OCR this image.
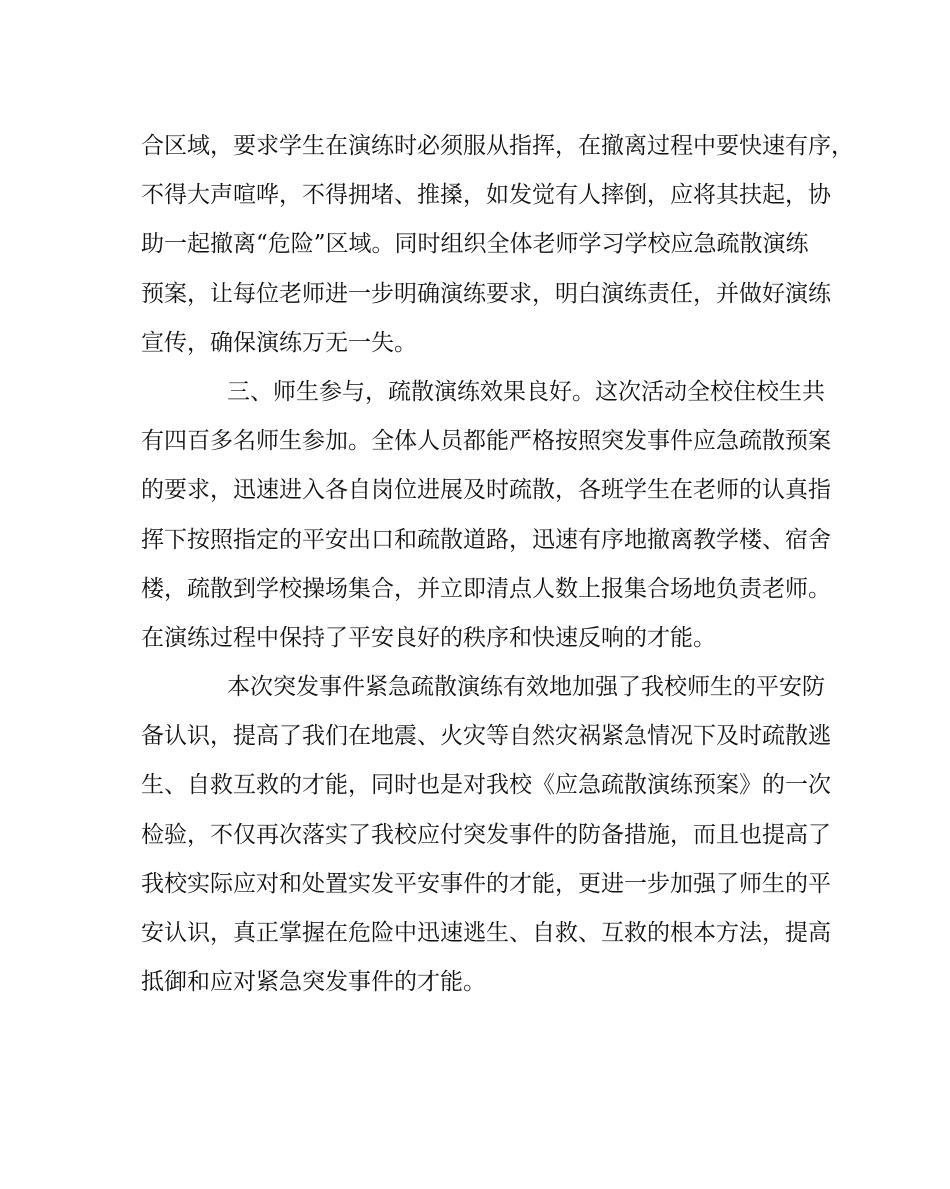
合区域，要求学生在演练时必须服从指挥，在撤离过程中要快速有序，
不得大声喧哗，不得拥堵、推搡，如发觉有人摔倒，应将其扶起，协
助一起撤离“危险”区域。同时组织全体老师学习学校应急疏散演练
预案，让每位老师进一步明确演练要求，明白演练责任，并做好演练
宣传，确保演练万无一失。
三、师生参与，疏散演练效果良好。这次活动全校住校生共
有四百多名师生参加。全体人员都能严格按照突发事件应急疏散预案
的要求，迅速进入各自岗位进展及时疏散，各班学生在老师的认真指
挥下按照指定的平安出口和疏散道路，迅速有序地撤离教学楼、宿舍
楼，疏散到学校操场集合，并立即清点人数上报集合场地负责老师。
在演练过程中保持了平安良好的秩序和快速反响的才能。
本次突发事件紧急疏散演练有效地加强了我校师生的平安防
备认识，提高了我们在地震、火灾等自然灾祸紧急情况下及时疏散逃
生、自救互救的才能，同时也是对我校《应急疏散演练预案》的一次
检验，不仅再次落实了我校应付突发事件的防备措施，而且也提高了
我校实际应对和处置实发平安事件的才能，更进一步加强了师生的平
安认识，真正掌握在危险中迅速逃生、自救、互救的根本方法，提高
抵御和应对紧急突发事件的才能。
